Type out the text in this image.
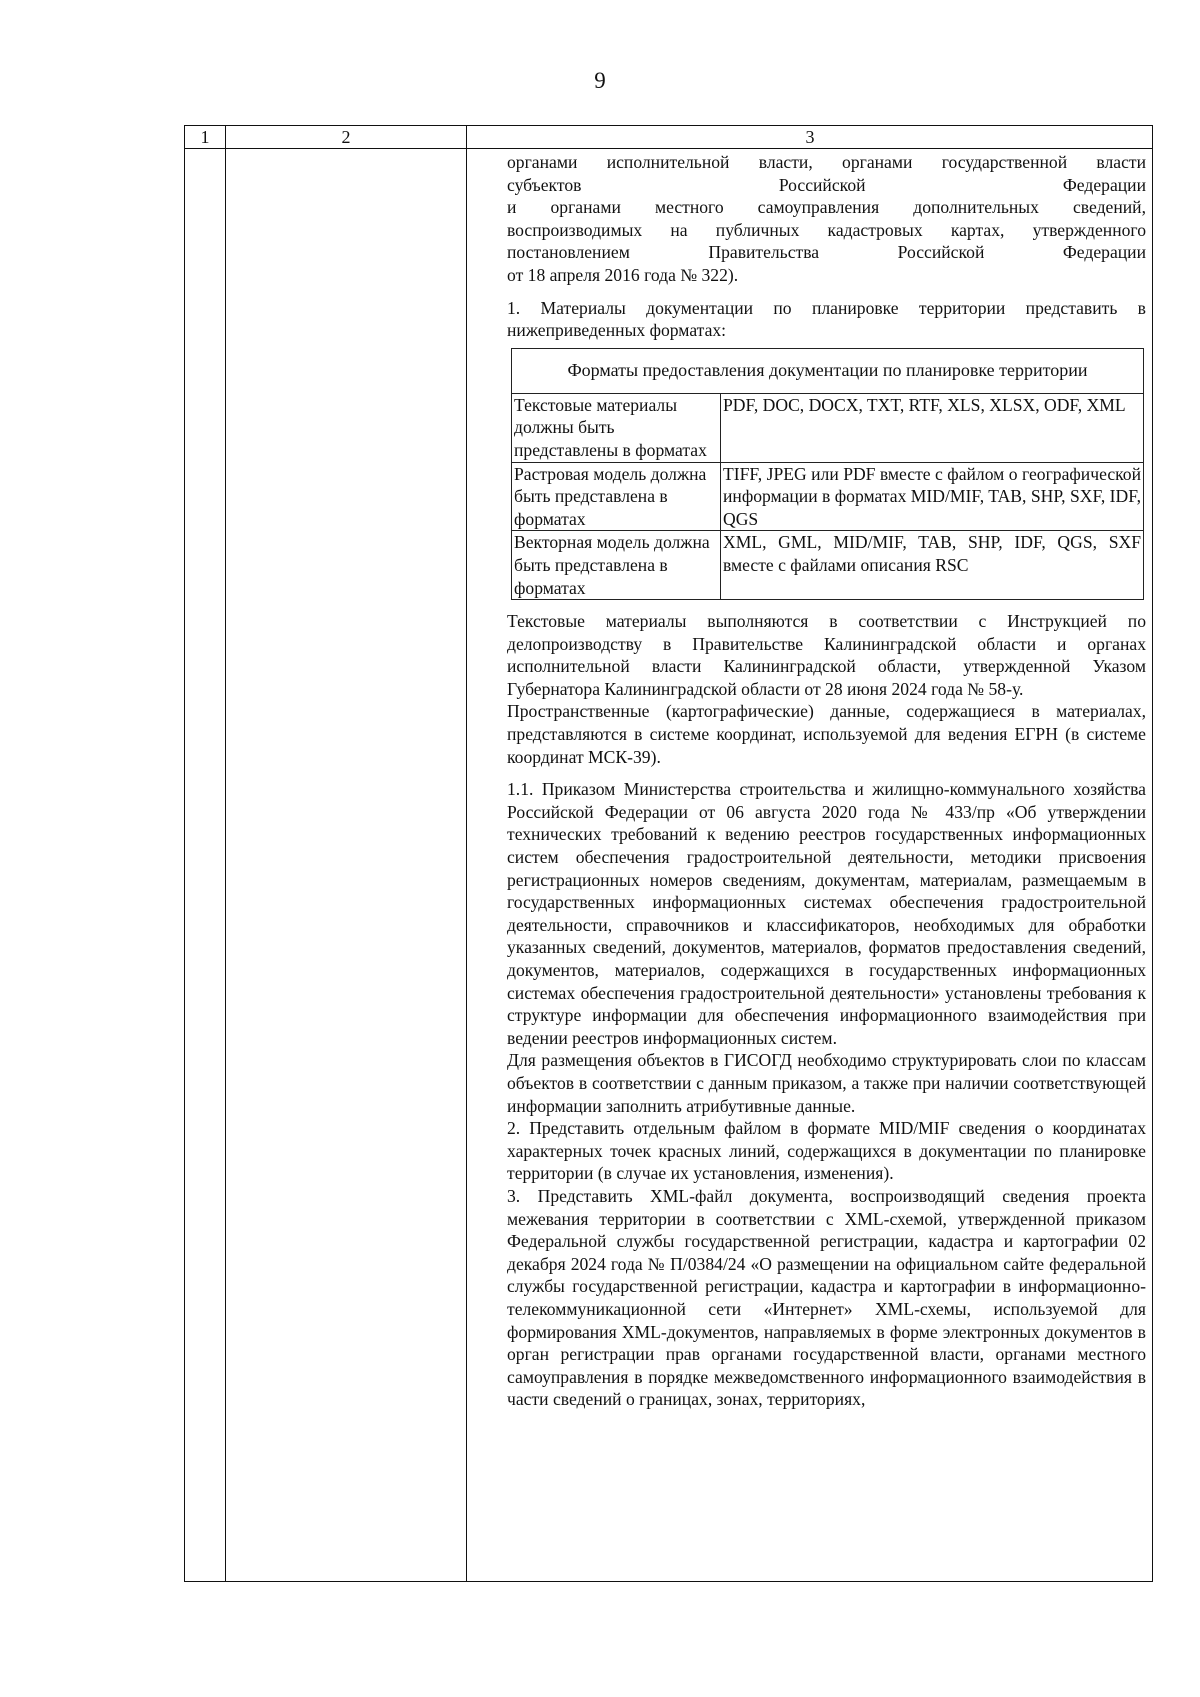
9
1	2	3
органами исполнительной власти, органами государственной власти
субъектов Российской Федерации
и органами местного самоуправления дополнительных сведений,
воспроизводимых на публичных кадастровых картах, утвержденного
постановлением Правительства Российской Федерации
от 18 апреля 2016 года № 322).

1. Материалы документации по планировке территории представить в нижеприведенных форматах:

Форматы предоставления документации по планировке территории	
Текстовые материалы должны быть представлены в форматах	PDF, DOC, DOCX, TXT, RTF, XLS, XLSX, ODF, XML
Растровая модель должна быть представлена в форматах	TIFF, JPEG или PDF вместе с файлом о географической информации в форматах MID/MIF, TAB, SHP, SXF, IDF, QGS
Векторная модель должна быть представлена в форматах	XML, GML, MID/MIF, TAB, SHP, IDF, QGS, SXF вместе с файлами описания RSC

Текстовые материалы выполняются в соответствии с Инструкцией по делопроизводству в Правительстве Калининградской области и органах исполнительной власти Калининградской области, утвержденной Указом Губернатора Калининградской области от 28 июня 2024 года № 58-у.

Пространственные (картографические) данные, содержащиеся в материалах, представляются в системе координат, используемой для ведения ЕГРН (в системе координат МСК-39).

1.1. Приказом Министерства строительства и жилищно-коммунального хозяйства Российской Федерации от 06 августа 2020 года № 433/пр «Об утверждении технических требований к ведению реестров государственных информационных систем обеспечения градостроительной деятельности, методики присвоения регистрационных номеров сведениям, документам, материалам, размещаемым в государственных информационных системах обеспечения градостроительной деятельности, справочников и классификаторов, необходимых для обработки указанных сведений, документов, материалов, форматов предоставления сведений, документов, материалов, содержащихся в государственных информационных системах обеспечения градостроительной деятельности» установлены требования к структуре информации для обеспечения информационного взаимодействия при ведении реестров информационных систем.

Для размещения объектов в ГИСОГД необходимо структурировать слои по классам объектов в соответствии с данным приказом, а также при наличии соответствующей информации заполнить атрибутивные данные.

2. Представить отдельным файлом в формате MID/MIF сведения о координатах характерных точек красных линий, содержащихся в документации по планировке территории (в случае их установления, изменения).

3. Представить XML-файл документа, воспроизводящий сведения проекта межевания территории в соответствии с XML-схемой, утвержденной приказом Федеральной службы государственной регистрации, кадастра и картографии 02 декабря 2024 года № П/0384/24 «О размещении на официальном сайте федеральной службы государственной регистрации, кадастра и картографии в информационно-телекоммуникационной сети «Интернет» XML-схемы, используемой для формирования XML-документов, направляемых в форме электронных документов в орган регистрации прав органами государственной власти, органами местного самоуправления в порядке межведомственного информационного взаимодействия в части сведений о границах, зонах, территориях,
